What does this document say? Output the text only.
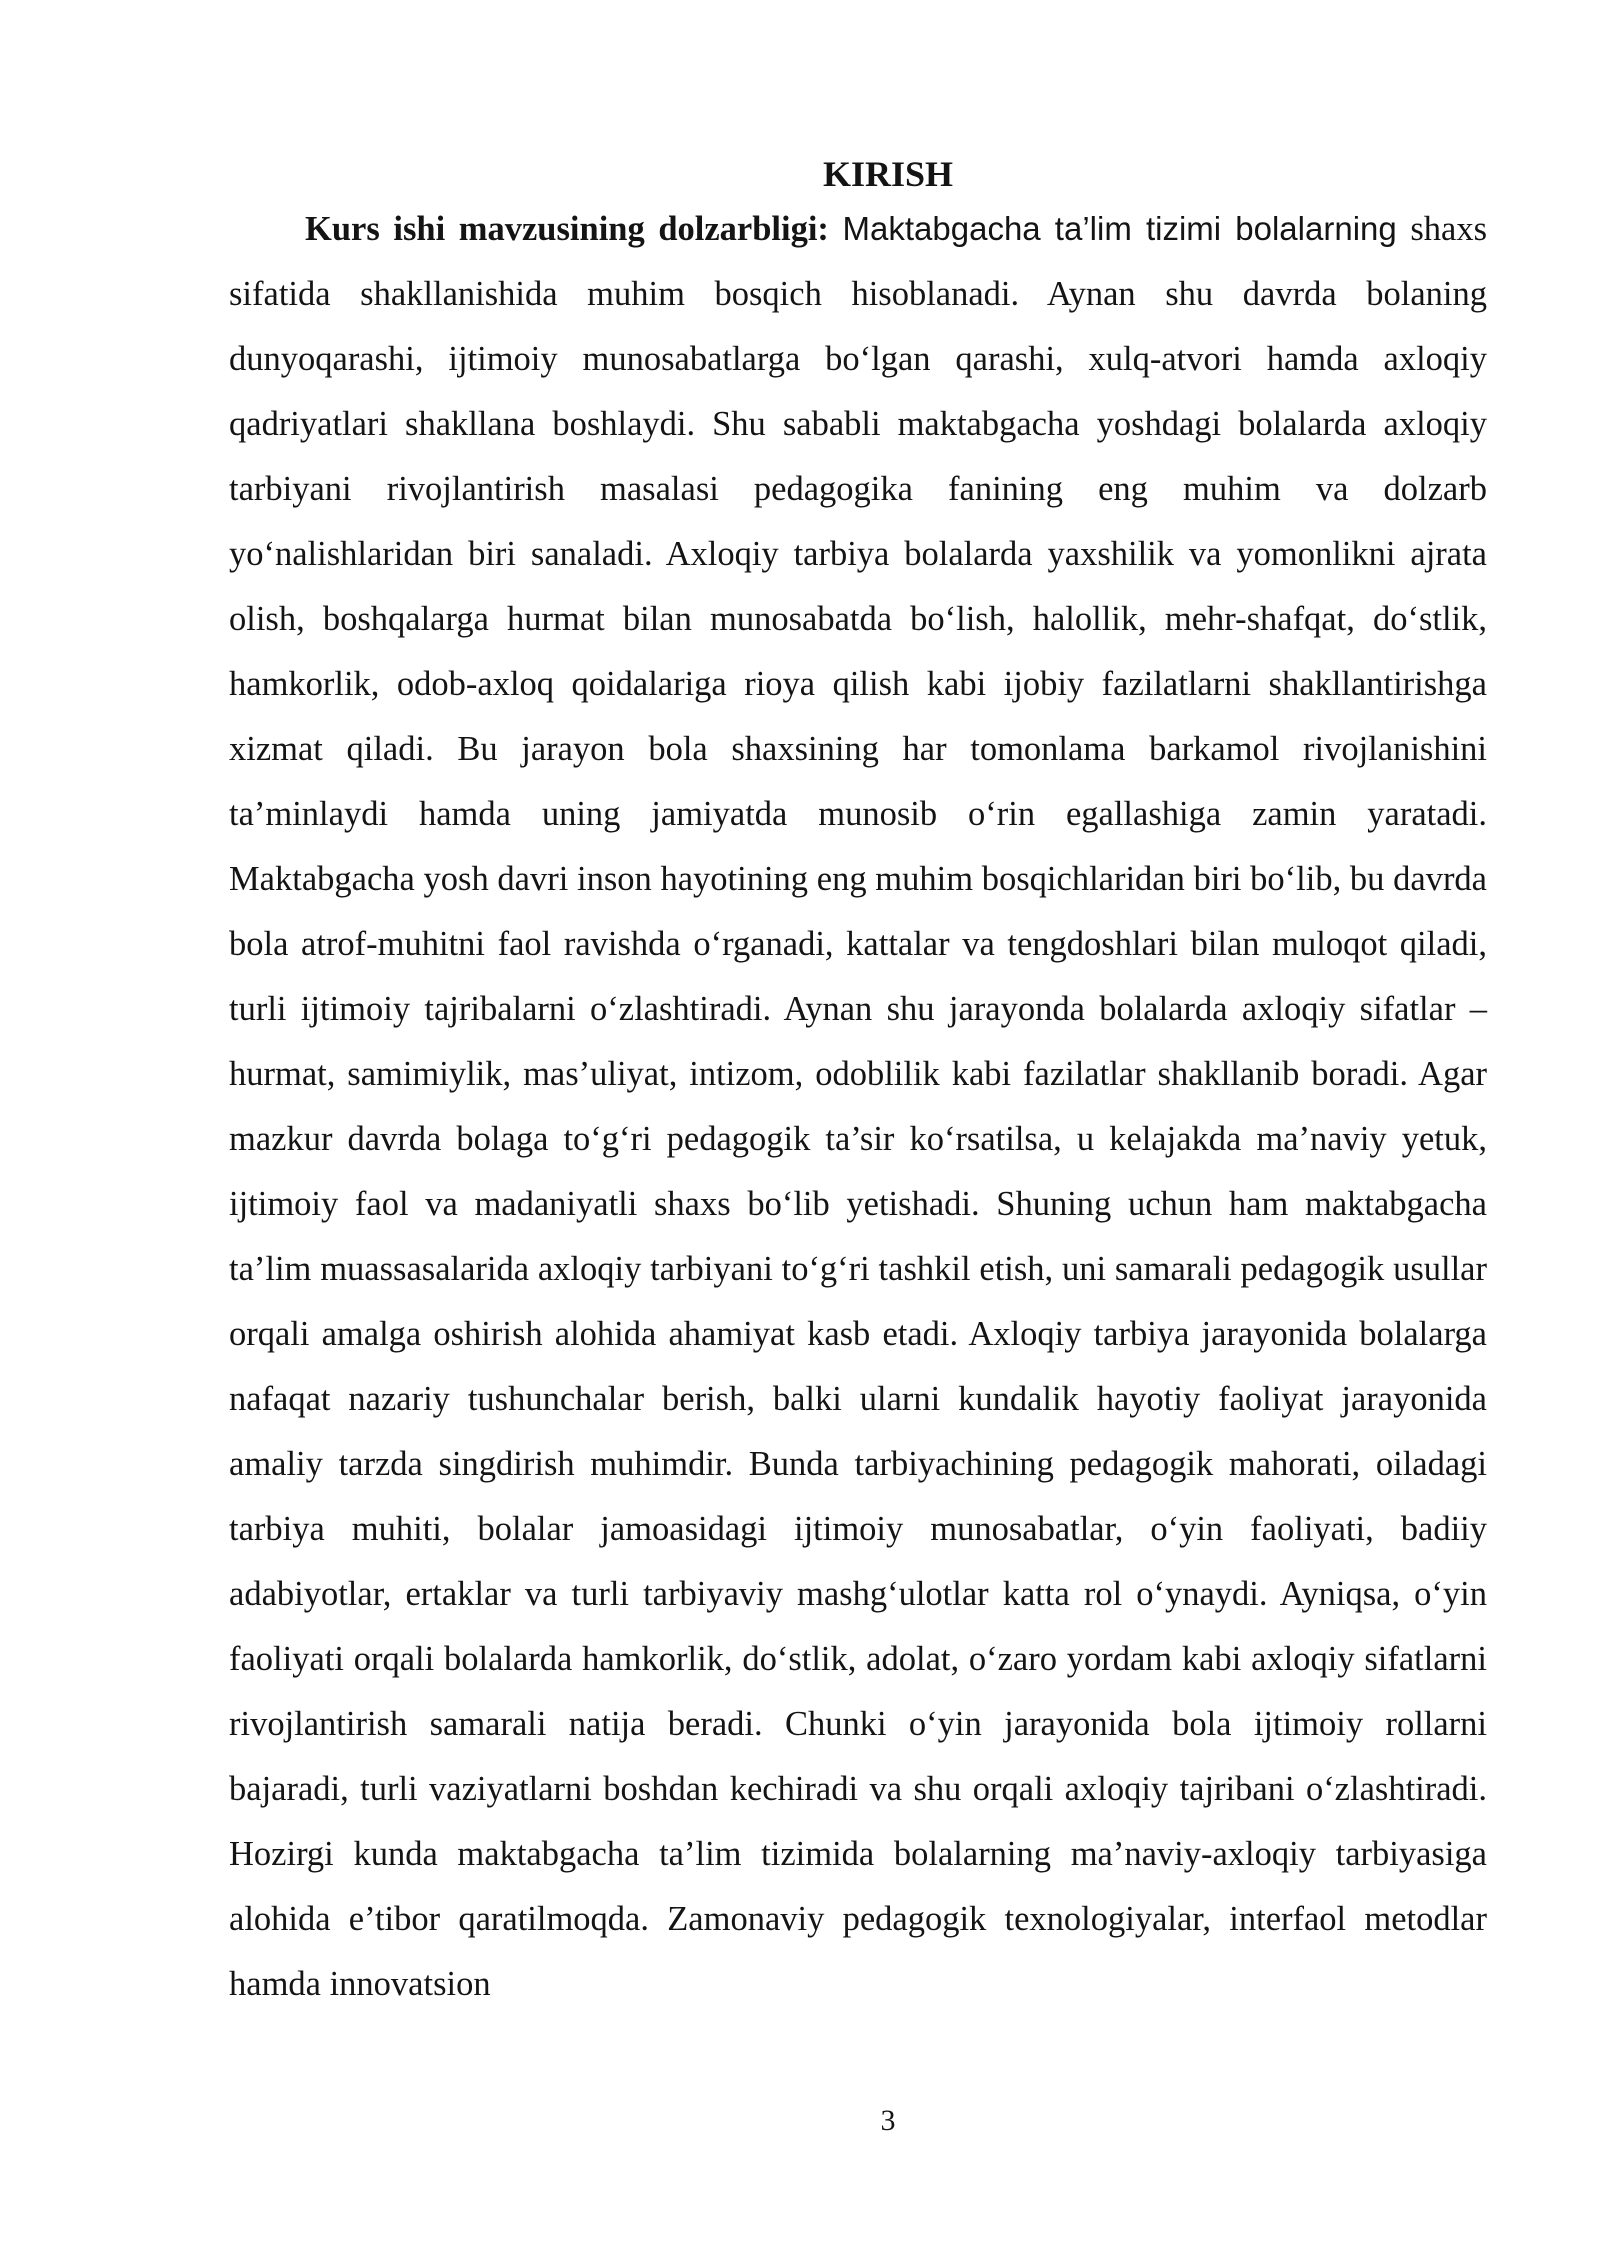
KIRISH

Kurs ishi mavzusining dolzarbligi: Maktabgacha ta’lim tizimi bolalarning shaxs sifatida shakllanishida muhim bosqich hisoblanadi. Aynan shu davrda bolaning dunyoqarashi, ijtimoiy munosabatlarga bo‘lgan qarashi, xulq-atvori hamda axloqiy qadriyatlari shakllana boshlaydi. Shu sababli maktabgacha yoshdagi bolalarda axloqiy tarbiyani rivojlantirish masalasi pedagogika fanining eng muhim va dolzarb yo‘nalishlaridan biri sanaladi. Axloqiy tarbiya bolalarda yaxshilik va yomonlikni ajrata olish, boshqalarga hurmat bilan munosabatda bo‘lish, halollik, mehr-shafqat, do‘stlik, hamkorlik, odob-axloq qoidalariga rioya qilish kabi ijobiy fazilatlarni shakllantirishga xizmat qiladi. Bu jarayon bola shaxsining har tomonlama barkamol rivojlanishini ta’minlaydi hamda uning jamiyatda munosib o‘rin egallashiga zamin yaratadi. Maktabgacha yosh davri inson hayotining eng muhim bosqichlaridan biri bo‘lib, bu davrda bola atrof-muhitni faol ravishda o‘rganadi, kattalar va tengdoshlari bilan muloqot qiladi, turli ijtimoiy tajribalarni o‘zlashtiradi. Aynan shu jarayonda bolalarda axloqiy sifatlar – hurmat, samimiylik, mas’uliyat, intizom, odoblilik kabi fazilatlar shakllanib boradi. Agar mazkur davrda bolaga to‘g‘ri pedagogik ta’sir ko‘rsatilsa, u kelajakda ma’naviy yetuk, ijtimoiy faol va madaniyatli shaxs bo‘lib yetishadi. Shuning uchun ham maktabgacha ta’lim muassasalarida axloqiy tarbiyani to‘g‘ri tashkil etish, uni samarali pedagogik usullar orqali amalga oshirish alohida ahamiyat kasb etadi. Axloqiy tarbiya jarayonida bolalarga nafaqat nazariy tushunchalar berish, balki ularni kundalik hayotiy faoliyat jarayonida amaliy tarzda singdirish muhimdir. Bunda tarbiyachining pedagogik mahorati, oiladagi tarbiya muhiti, bolalar jamoasidagi ijtimoiy munosabatlar, o‘yin faoliyati, badiiy adabiyotlar, ertaklar va turli tarbiyaviy mashg‘ulotlar katta rol o‘ynaydi. Ayniqsa, o‘yin faoliyati orqali bolalarda hamkorlik, do‘stlik, adolat, o‘zaro yordam kabi axloqiy sifatlarni rivojlantirish samarali natija beradi. Chunki o‘yin jarayonida bola ijtimoiy rollarni bajaradi, turli vaziyatlarni boshdan kechiradi va shu orqali axloqiy tajribani o‘zlashtiradi. Hozirgi kunda maktabgacha ta’lim tizimida bolalarning ma’naviy-axloqiy tarbiyasiga alohida e’tibor qaratilmoqda. Zamonaviy pedagogik texnologiyalar, interfaol metodlar hamda innovatsion

3
